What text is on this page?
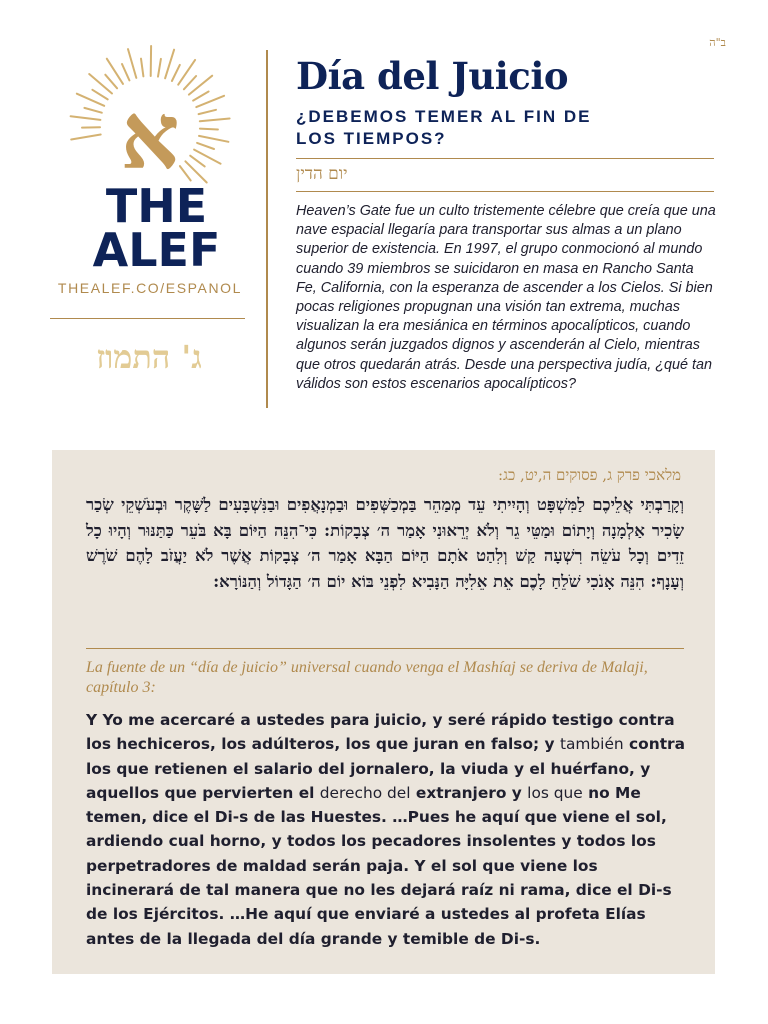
ב"ה
א
THE
ALEF
THEALEF.CO/ESPANOL
ג' התמוז
Día del Juicio
¿DEBEMOS TEMER AL FIN DE LOS TIEMPOS?
יום הדין

Heaven’s Gate fue un culto tristemente célebre que creía que una nave espacial llegaría para transportar sus almas a un plano superior de existencia. En 1997, el grupo conmocionó al mundo cuando 39 miembros se suicidaron en masa en Rancho Santa Fe, California, con la esperanza de ascender a los Cielos. Si bien pocas religiones propugnan una visión tan extrema, muchas visualizan la era mesiánica en términos apocalípticos, cuando algunos serán juzgados dignos y ascenderán al Cielo, mientras que otros quedarán atrás. Desde una perspectiva judía, ¿qué tan válidos son estos escenarios apocalípticos?

מלאכי פרק ג, פסוקים ה,יט, כג:

וְקָרַבְתִּי אֲלֵיכֶם לַמִּשְׁפָּט וְהָיִיתִי עֵד מְמַהֵר בַּמְכַשְּׁפִים וּבַמְנָאֲפִים וּבַנִּשְׁבָּעִים לַשָּׁקֶר וּבְעֹשְׁקֵי שְׂכַר שָׂכִיר אַלְמָנָה וְיָתוֹם וּמַטֵּי גֵר וְלֹא יְרֵאוּנִי אָמַר ה׳ צְבָקוֹת: כִּי־הִנֵּה הַיּוֹם בָּא בֹּעֵר כַּתַּנּוּר וְהָיוּ כָל זֵדִים וְכָל עֹשֵׂה רִשְׁעָה קַשׁ וְלִהַט אֹתָם הַיּוֹם הַבָּא אָמַר ה׳ צְבָקוֹת אֲשֶׁר לֹא יַעֲזֹב לָהֶם שֹׁרֶשׁ וְעָנָף: הִנֵּה אָנֹכִי שֹׁלֵחַ לָכֶם אֵת אֵלִיָּה הַנָּבִיא לִפְנֵי בּוֹא יוֹם ה׳ הַגָּדוֹל וְהַנּוֹרָא:

La fuente de un “día de juicio” universal cuando venga el Mashíaj se deriva de Malaji, capítulo 3:

Y Yo me acercaré a ustedes para juicio, y seré rápido testigo contra los hechiceros, los adúlteros, los que juran en falso; y también contra los que retienen el salario del jornalero, la viuda y el huérfano, y aquellos que pervierten el derecho del extranjero y los que no Me temen, dice el Di-s de las Huestes. …Pues he aquí que viene el sol, ardiendo cual horno, y todos los pecadores insolentes y todos los perpetradores de maldad serán paja. Y el sol que viene los incinerará de tal manera que no les dejará raíz ni rama, dice el Di-s de los Ejércitos. …He aquí que enviaré a ustedes al profeta Elías antes de la llegada del día grande y temible de Di-s.
